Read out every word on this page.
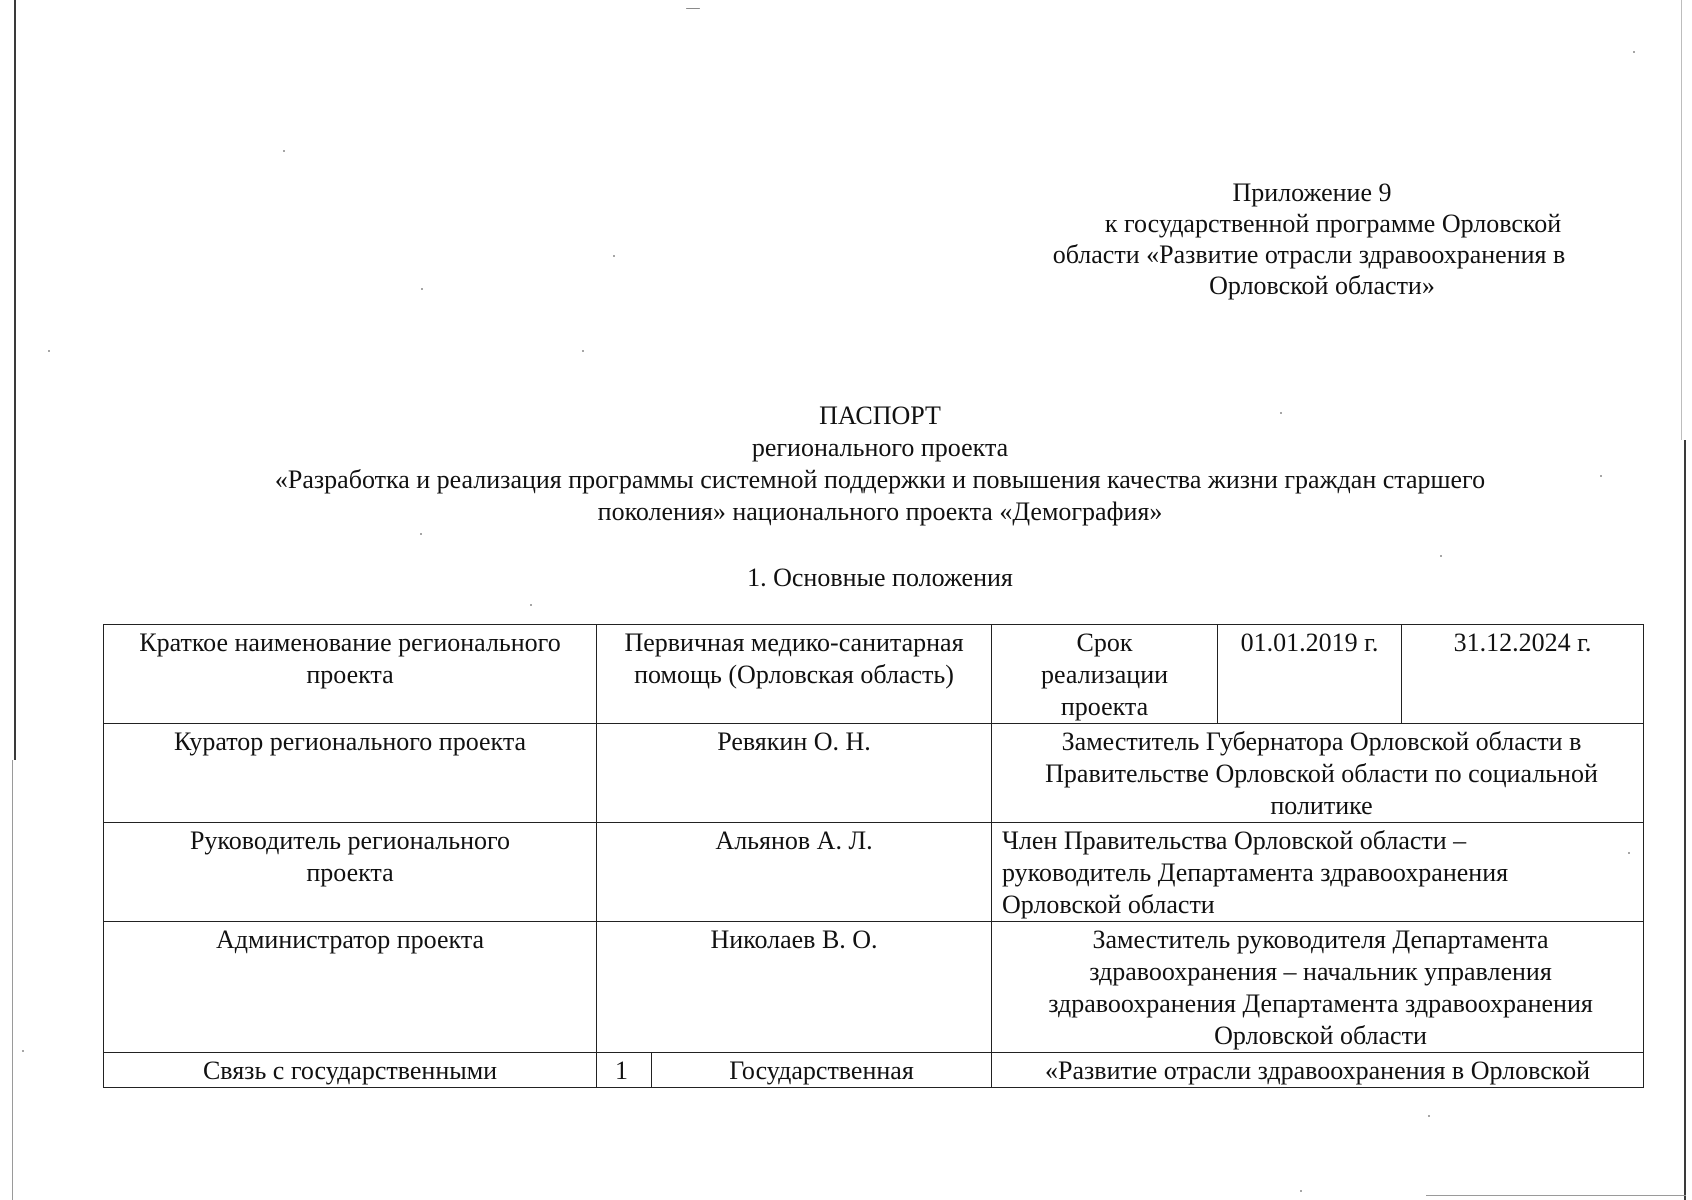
Приложение 9
к государственной программе Орловской
области «Развитие отрасли здравоохранения в
Орловской области»
ПАСПОРТ
регионального проекта
«Разработка и реализация программы системной поддержки и повышения качества жизни граждан старшего
поколения» национального проекта «Демография»
1. Основные положения
Краткое наименование регионального проекта	Первичная медико-санитарная помощь (Орловская область)		Срок реализации проекта	01.01.2019 г.	31.12.2024 г.
Куратор регионального проекта	Ревякин О. Н.		Заместитель Губернатора Орловской области в Правительстве Орловской области по социальной политике		
Руководитель регионального проекта	Альянов А. Л.		Член Правительства Орловской области – руководитель Департамента здравоохранения Орловской области		
Администратор проекта	Николаев В. О.		Заместитель руководителя Департамента здравоохранения – начальник управления здравоохранения Департамента здравоохранения Орловской области		
Связь с государственными	1	Государственная	«Развитие отрасли здравоохранения в Орловской		
